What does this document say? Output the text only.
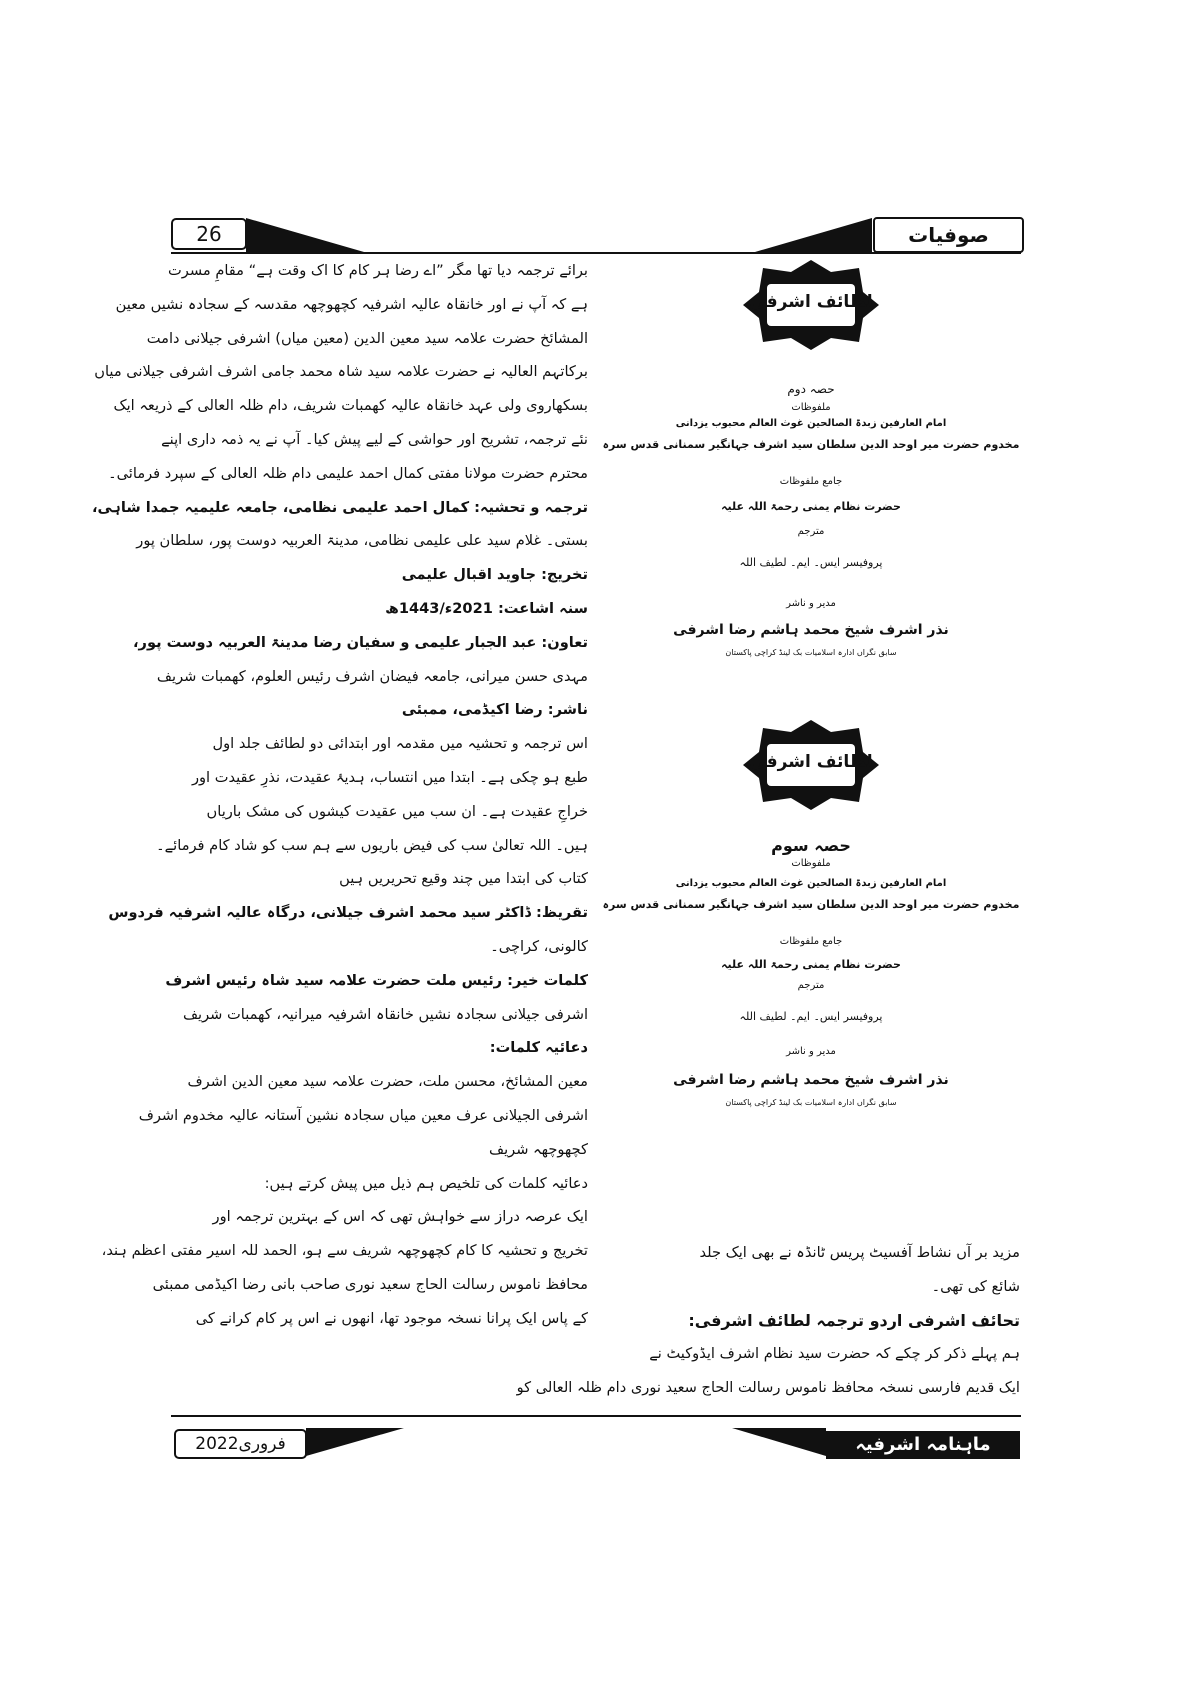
26	صوفیات

برائے ترجمہ دیا تھا مگر ”اے رضا ہر کام کا اک وقت ہے“ مقامِ مسرت

ہے کہ آپ نے اور خانقاہ عالیہ اشرفیہ کچھوچھہ مقدسہ کے سجادہ نشیں معین

المشائخ حضرت علامہ سید معین الدین (معین میاں) اشرفی جیلانی دامت

برکاتہم العالیہ نے حضرت علامہ سید شاہ محمد جامی اشرف اشرفی جیلانی میاں

بسکھاروی ولی عہد خانقاہ عالیہ کھمبات شریف، دام ظلہ العالی کے ذریعہ ایک

نئے ترجمہ، تشریح اور حواشی کے لیے پیش کیا۔ آپ نے یہ ذمہ داری اپنے

محترم حضرت مولانا مفتی کمال احمد علیمی دام ظلہ العالی کے سپرد فرمائی۔

ترجمہ و تحشیہ: کمال احمد علیمی نظامی، جامعہ علیمیہ جمدا شاہی،

بستی۔ غلام سید علی علیمی نظامی، مدینۃ العربیہ دوست پور، سلطان پور

تخریج: جاوید اقبال علیمی

سنہ اشاعت: 2021ء/1443ھ

تعاون: عبد الجبار علیمی و سفیان رضا مدینۃ العربیہ دوست پور،

مہدی حسن میرانی، جامعہ فیضان اشرف رئیس العلوم، کھمبات شریف

ناشر: رضا اکیڈمی، ممبئی

اس ترجمہ و تحشیہ میں مقدمہ اور ابتدائی دو لطائف جلد اول

طبع ہو چکی ہے۔ ابتدا میں انتساب، ہدیۂ عقیدت، نذرِ عقیدت اور

خراجِ عقیدت ہے۔ ان سب میں عقیدت کیشوں کی مشک باریاں

ہیں۔ اللہ تعالیٰ سب کی فیض باریوں سے ہم سب کو شاد کام فرمائے۔

کتاب کی ابتدا میں چند وقیع تحریریں ہیں

تقریظ: ڈاکٹر سید محمد اشرف جیلانی، درگاہ عالیہ اشرفیہ فردوس

کالونی، کراچی۔

کلمات خیر: رئیس ملت حضرت علامہ سید شاہ رئیس اشرف

اشرفی جیلانی سجادہ نشیں خانقاہ اشرفیہ میرانیہ، کھمبات شریف

دعائیہ کلمات:

معین المشائخ، محسن ملت، حضرت علامہ سید معین الدین اشرف

اشرفی الجیلانی عرف معین میاں سجادہ نشین آستانہ عالیہ مخدوم اشرف

کچھوچھہ شریف

دعائیہ کلمات کی تلخیص ہم ذیل میں پیش کرتے ہیں:

ایک عرصہ دراز سے خواہش تھی کہ اس کے بہترین ترجمہ اور

تخریج و تحشیہ کا کام کچھوچھہ شریف سے ہو، الحمد للہ اسیر مفتی اعظم ہند،

محافظ ناموس رسالت الحاج سعید نوری صاحب بانی رضا اکیڈمی ممبئی

کے پاس ایک پرانا نسخہ موجود تھا، انھوں نے اس پر کام کرانے کی

لطائف اشرفی
حصہ دوم
ملفوظات
امام العارفین زبدۃ الصالحین غوث العالم محبوب یزدانی
مخدوم حضرت میر اوحد الدین سلطان سید اشرف جہانگیر سمنانی قدس سرہ
جامع ملفوظات
حضرت نظام یمنی رحمۃ اللہ علیہ
مترجم
پروفیسر ایس۔ ایم۔ لطیف اللہ
مدیر و ناشر
نذر اشرف شیخ محمد ہاشم رضا اشرفی
سابق نگراں ادارہ اسلامیات بک لینڈ کراچی پاکستان
لطائف اشرفی
حصہ سوم
ملفوظات
امام العارفین زبدۃ الصالحین غوث العالم محبوب یزدانی
مخدوم حضرت میر اوحد الدین سلطان سید اشرف جہانگیر سمنانی قدس سرہ
جامع ملفوظات
حضرت نظام یمنی رحمۃ اللہ علیہ
مترجم
پروفیسر ایس۔ ایم۔ لطیف اللہ
مدیر و ناشر
نذر اشرف شیخ محمد ہاشم رضا اشرفی
سابق نگراں ادارہ اسلامیات بک لینڈ کراچی پاکستان

مزید بر آں نشاط آفسیٹ پریس ٹانڈہ نے بھی ایک جلد

شائع کی تھی۔

تحائف اشرفی اردو ترجمہ لطائف اشرفی:

ہم پہلے ذکر کر چکے کہ حضرت سید نظام اشرف ایڈوکیٹ نے

ایک قدیم فارسی نسخہ محافظ ناموس رسالت الحاج سعید نوری دام ظلہ العالی کو

فروری2022	ماہنامہ اشرفیہ
